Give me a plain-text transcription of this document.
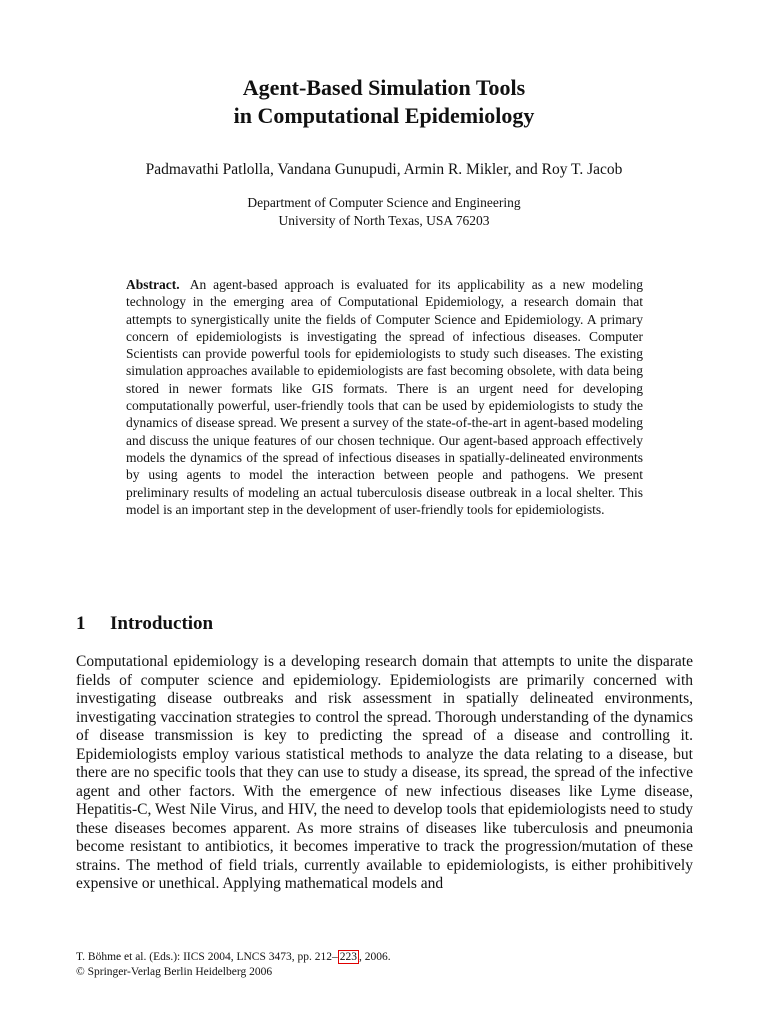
Agent-Based Simulation Tools
in Computational Epidemiology
Padmavathi Patlolla, Vandana Gunupudi, Armin R. Mikler, and Roy T. Jacob
Department of Computer Science and Engineering
University of North Texas, USA 76203
Abstract. An agent-based approach is evaluated for its applicability as a new modeling technology in the emerging area of Computational Epidemiology, a research domain that attempts to synergistically unite the fields of Computer Science and Epidemiology. A primary concern of epidemiologists is investigating the spread of infectious diseases. Computer Scientists can provide powerful tools for epidemiologists to study such diseases. The existing simulation approaches available to epidemiologists are fast becoming obsolete, with data being stored in newer formats like GIS formats. There is an urgent need for developing computationally powerful, user-friendly tools that can be used by epidemiologists to study the dynamics of disease spread. We present a survey of the state-of-the-art in agent-based modeling and discuss the unique features of our chosen technique. Our agent-based approach effectively models the dynamics of the spread of infectious diseases in spatially-delineated environments by using agents to model the interaction between people and pathogens. We present preliminary results of modeling an actual tuberculosis disease outbreak in a local shelter. This model is an important step in the development of user-friendly tools for epidemiologists.
1 Introduction
Computational epidemiology is a developing research domain that attempts to unite the disparate fields of computer science and epidemiology. Epidemiologists are primarily concerned with investigating disease outbreaks and risk assessment in spatially delineated environments, investigating vaccination strategies to control the spread. Thorough understanding of the dynamics of disease transmission is key to predicting the spread of a disease and controlling it. Epidemiologists employ various statistical methods to analyze the data relating to a disease, but there are no specific tools that they can use to study a disease, its spread, the spread of the infective agent and other factors. With the emergence of new infectious diseases like Lyme disease, Hepatitis-C, West Nile Virus, and HIV, the need to develop tools that epidemiologists need to study these diseases becomes apparent. As more strains of diseases like tuberculosis and pneumonia become resistant to antibiotics, it becomes imperative to track the progression/mutation of these strains. The method of field trials, currently available to epidemiologists, is either prohibitively expensive or unethical. Applying mathematical models and
T. Böhme et al. (Eds.): IICS 2004, LNCS 3473, pp. 212– 223 , 2006.
© Springer-Verlag Berlin Heidelberg 2006
